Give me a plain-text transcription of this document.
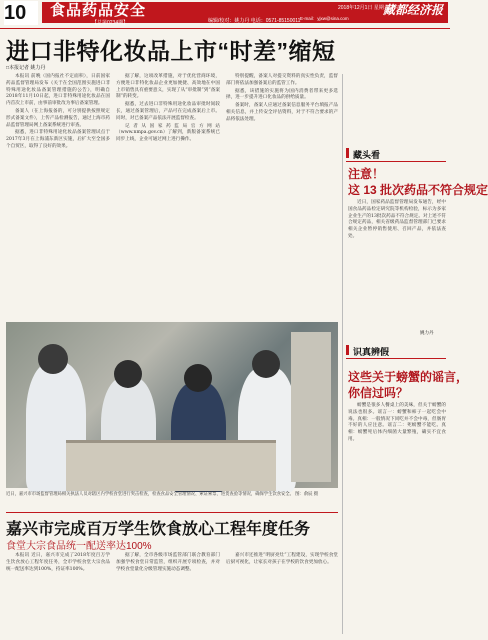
10	食品药品安全
【总第0234期】	编辑/校对：姚力丹 电话：0571-85150011
2018年12月1日 星期六
藏都经济报
E-mail：yjxw@sina.com
进口非特化妆品上市“时差”缩短
□本报记者 姚力丹

本报讯 前晚（国内报社不定面积），日前国家药品监督管理局发布《关于在全国范围实施进口非特殊用途化妆品备案管理措施的公告》，明确自2018年11月10日起，进口非特殊用途化妆品在国内首次上市前，由事前审批改为事后备案管理。

备案人（在上海报备的，可分别提供按照规定形式备案文件），上传产品检测报告，通过上海市药品监督管理局网上备案系统进行审查。

据悉，进口非特殊用途化妆品备案管理试点于2017年3月在上海浦东新区实施，后扩大至全国多个自贸区，取得了良好的效果。

据了解，这项改革措施，对于优化营商环境，方便进口非特化妆品企业更加便捷、高效地在中国上市销售具有重要意义，实现了从“审批制”到“备案制”的转变。

据悉，过去进口非特殊用途化妆品审批时间较长，通过备案管理后，产品可在完成备案后上市。同时，对已备案产品依法开展监督检查。

记者从国家药监局官方网站（www.nmpa.gov.cn）了解到，新版备案系统已同步上线，企业可通过网上进行操作。

特别提醒，备案人对提交资料的真实性负责，监督部门将依法加强备案后的监管工作。

据悉，该措施的实施将为国内消费者带来更多选择，进一步提升进口化妆品的供给质量。

备案时，备案人应通过备案信息服务平台填报产品相关信息，并上传安全评估资料，对于不符合要求的产品将依法处理。

近日，嘉兴市市场监督管理局相关执法人员对辖区内学校食堂进行突击检查，检查食品安全管理情况、索证索票、进货查验等情况，确保学生饮食安全。 图：俞辰 摄
嘉兴市完成百万学生饮食放心工程年度任务
食堂大宗食品统一配送率达100%

本报讯 近日，嘉兴市完成了2018年度百万学生饮食放心工程年度任务，全市学校食堂大宗食品统一配送率达到100%，持证率100%。

据了解，全市各级市场监管部门联合教育部门加强学校食堂日常监管，组织开展专项检查，并对学校食堂量化分级管理实施动态调整。

嘉兴市还推进“明厨亮灶”工程建设，实现学校食堂后厨可视化，让家长对孩子在学校的饮食更加放心。

藏头看
注意！
这 13 批次药品不符合规定

近日，国家药品监督管理局发布通告，经中国食品药品检定研究院等机构检验，标示为多家企业生产的13批次药品不符合规定。对上述不符合规定药品，相关省级药品监督管理部门已要求相关企业暂停销售使用、召回产品，并依法查处。

姚力丹
识真辨假
这些关于螃蟹的谣言，
你信过吗？

螃蟹是很多人餐桌上的美味，但关于螃蟹的说法也很多。谣言一：螃蟹和柿子一起吃会中毒。真相：一般情况下同吃并不会中毒，但肠胃不好的人应注意。谣言二：死螃蟹不能吃。真相：螃蟹死后体内细菌大量繁殖，确实不宜食用。
